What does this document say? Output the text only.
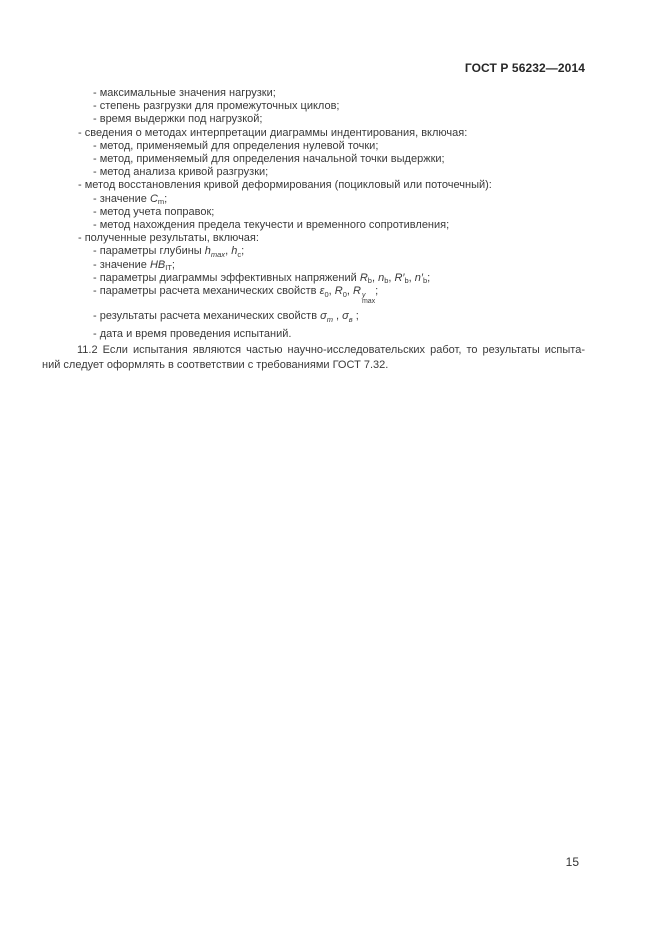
ГОСТ Р 56232—2014
- максимальные значения нагрузки;
- степень разгрузки для промежуточных циклов;
- время выдержки под нагрузкой;
- сведения о методах интерпретации диаграммы индентирования, включая:
- метод, применяемый для определения нулевой точки;
- метод, применяемый для определения начальной точки выдержки;
- метод анализа кривой разгрузки;
- метод восстановления кривой деформирования (поцикловый или поточечный):
- значение $C_m$;
- метод учета поправок;
- метод нахождения предела текучести и временного сопротивления;
- полученные результаты, включая:
- параметры глубины $h_{max}$, $h_c$;
- значение $HB_{IT}$;
- параметры диаграммы эффективных напряжений $R_b$, $n_b$, $R'_b$, $n'_b$;
- параметры расчета механических свойств $\varepsilon_0$, $R_0$, R y
max
;
- результаты расчета механических свойств $\sigma_т$ , $\sigma_в$ ;
- дата и время проведения испытаний.

11.2 Если испытания являются частью научно-исследовательских работ, то результаты испыта-
ний следует оформлять в соответствии с требованиями ГОСТ 7.32.

15
